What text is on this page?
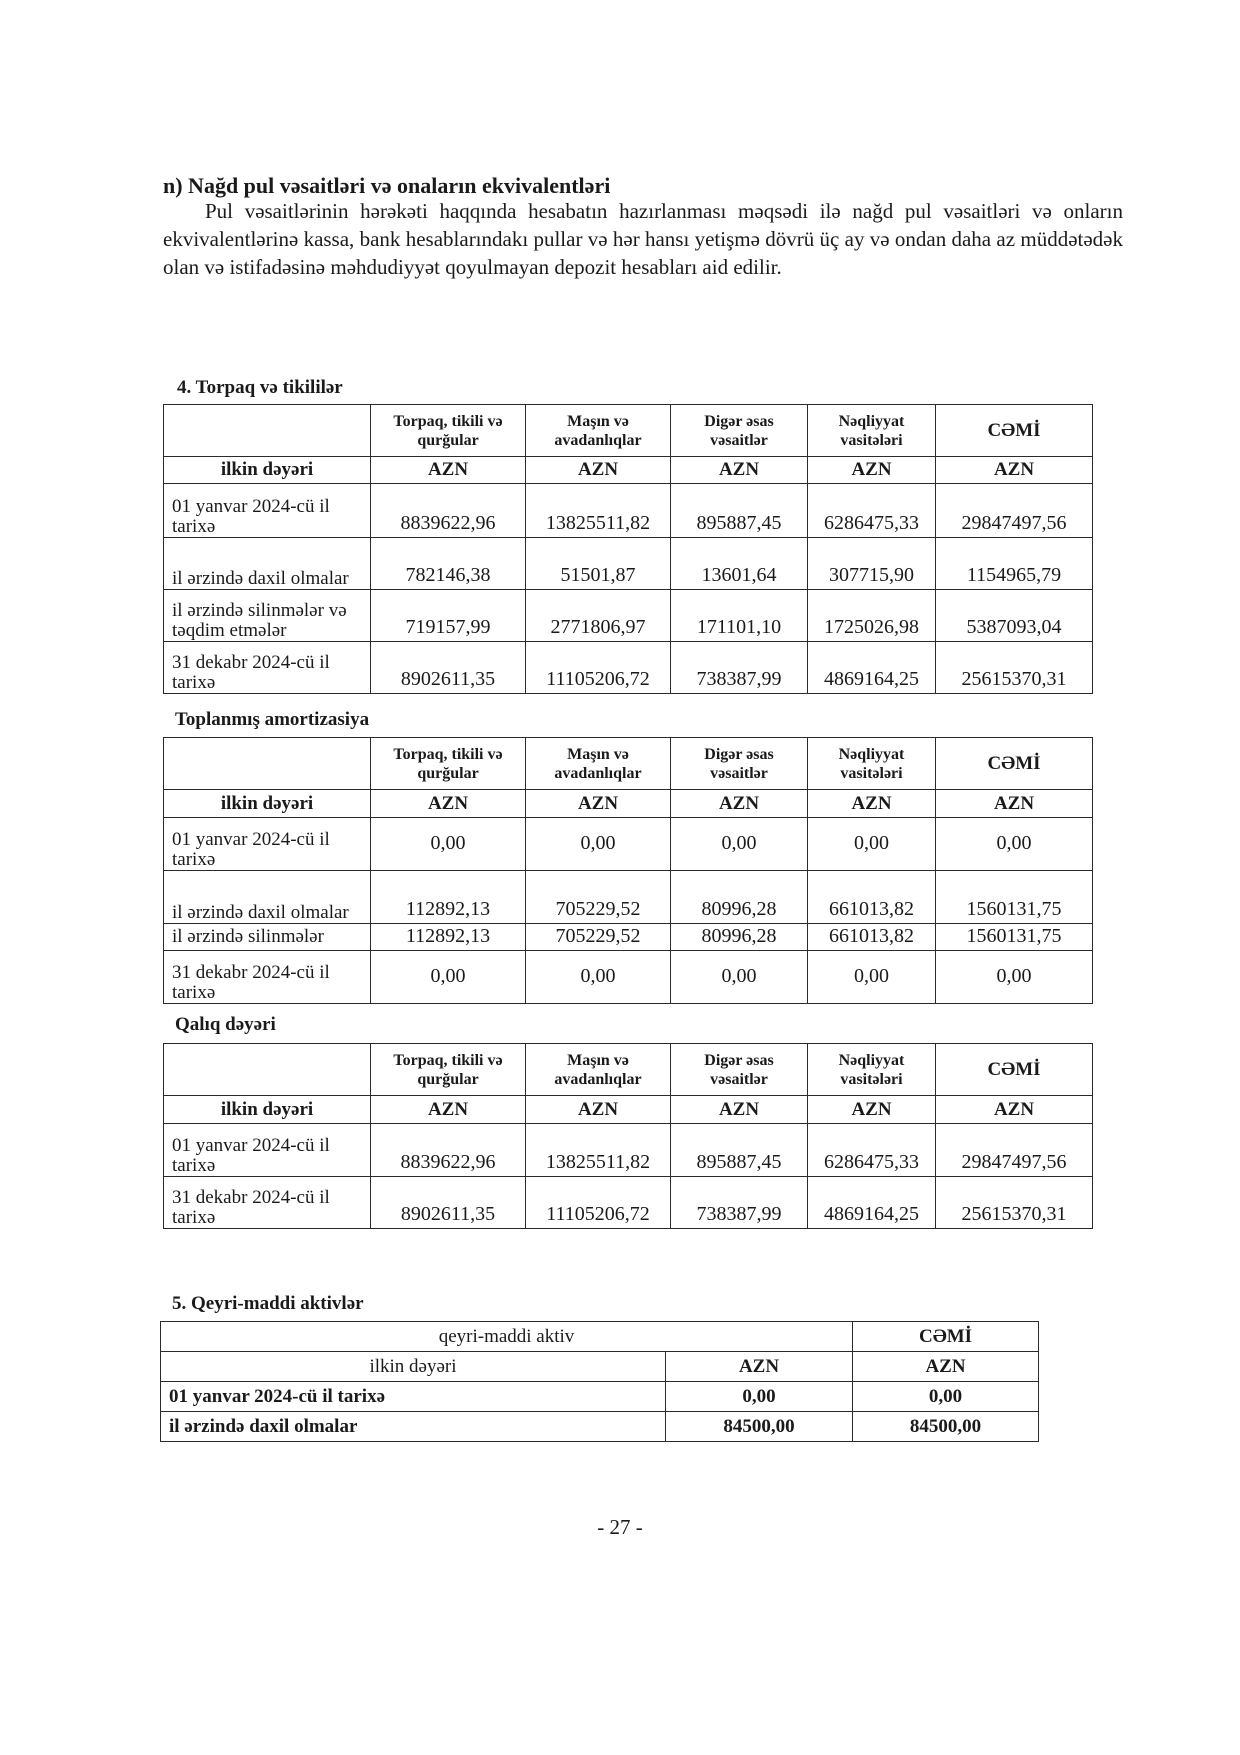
n) Nağd pul vəsaitləri və onaların ekvivalentləri
Pul vəsaitlərinin hərəkəti haqqında hesabatın hazırlanması məqsədi ilə nağd pul vəsaitləri və onların ekvivalentlərinə kassa, bank hesablarındakı pullar və hər hansı yetişmə dövrü üç ay və ondan daha az müddətədək olan və istifadəsinə məhdudiyyət qoyulmayan depozit hesabları aid edilir.
4. Torpaq və tikililər
	Torpaq, tikili və qurğular	Maşın və avadanlıqlar	Digər əsas vəsaitlər	Nəqliyyat vasitələri	CƏMİ
ilkin dəyəri	AZN	AZN	AZN	AZN	AZN
01 yanvar 2024-cü il tarixə	8839622,96	13825511,82	895887,45	6286475,33	29847497,56
il ərzində daxil olmalar	782146,38	51501,87	13601,64	307715,90	1154965,79
il ərzində silinmələr və təqdim etmələr	719157,99	2771806,97	171101,10	1725026,98	5387093,04
31 dekabr 2024-cü il tarixə	8902611,35	11105206,72	738387,99	4869164,25	25615370,31
Toplanmış amortizasiya
	Torpaq, tikili və qurğular	Maşın və avadanlıqlar	Digər əsas vəsaitlər	Nəqliyyat vasitələri	CƏMİ
ilkin dəyəri	AZN	AZN	AZN	AZN	AZN
01 yanvar 2024-cü il tarixə	0,00	0,00	0,00	0,00	0,00
il ərzində daxil olmalar	112892,13	705229,52	80996,28	661013,82	1560131,75
il ərzində silinmələr	112892,13	705229,52	80996,28	661013,82	1560131,75
31 dekabr 2024-cü il tarixə	0,00	0,00	0,00	0,00	0,00
Qalıq dəyəri
	Torpaq, tikili və qurğular	Maşın və avadanlıqlar	Digər əsas vəsaitlər	Nəqliyyat vasitələri	CƏMİ
ilkin dəyəri	AZN	AZN	AZN	AZN	AZN
01 yanvar 2024-cü il tarixə	8839622,96	13825511,82	895887,45	6286475,33	29847497,56
31 dekabr 2024-cü il tarixə	8902611,35	11105206,72	738387,99	4869164,25	25615370,31
5. Qeyri-maddi aktivlər
qeyri-maddi aktiv		CƏMİ
ilkin dəyəri	AZN	AZN
01 yanvar 2024-cü il tarixə	0,00	0,00
il ərzində daxil olmalar	84500,00	84500,00
- 27 -
